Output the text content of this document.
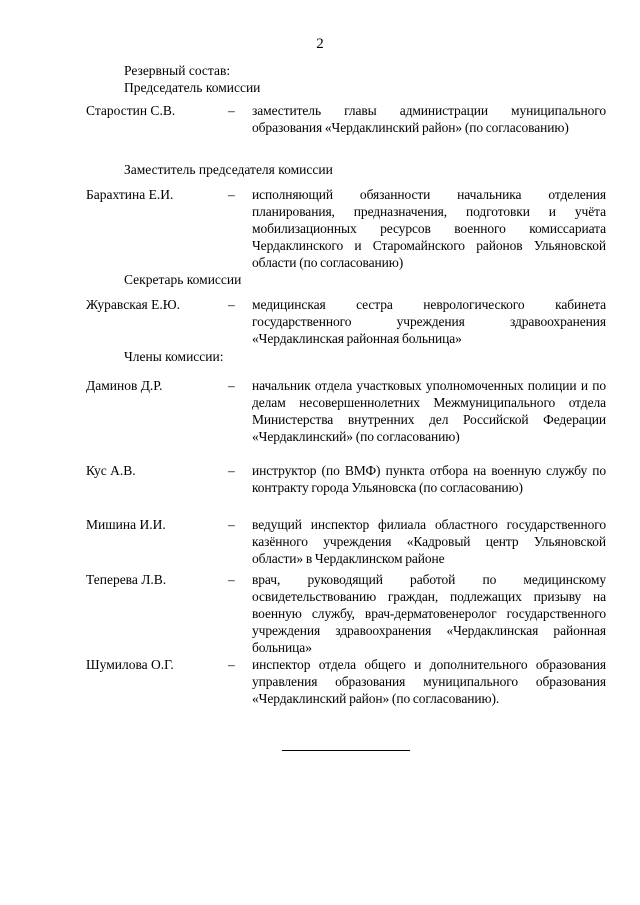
2
Резервный состав:
Председатель комиссии
Старостин С.В.	– заместитель главы администрации муниципального образования «Чердаклинский район» (по согласованию)
Заместитель председателя комиссии
Барахтина Е.И.	– исполняющий обязанности начальника отделения планирования, предназначения, подготовки и учёта мобилизационных ресурсов военного комиссариата Чердаклинского и Старомайнского районов Ульяновской области (по согласованию)
Секретарь комиссии
Журавская Е.Ю.	– медицинская сестра неврологического кабинета государственного учреждения здравоохранения «Чердаклинская районная больница»
Члены комиссии:
Даминов Д.Р.	– начальник отдела участковых уполномоченных полиции и по делам несовершеннолетних Межмуниципального отдела Министерства внутренних дел Российской Федерации «Чердаклинский» (по согласованию)
Кус А.В.	– инструктор (по ВМФ) пункта отбора на военную службу по контракту города Ульяновска (по согласованию)
Мишина И.И.	– ведущий инспектор филиала областного государственного казённого учреждения «Кадровый центр Ульяновской области» в Чердаклинском районе
Теперева Л.В.	– врач, руководящий работой по медицинскому освидетельствованию граждан, подлежащих призыву на военную службу, врач-дерматовенеролог государственного учреждения здравоохранения «Чердаклинская районная больница»
Шумилова О.Г.	– инспектор отдела общего и дополнительного образования управления образования муниципального образования «Чердаклинский район» (по согласованию).
